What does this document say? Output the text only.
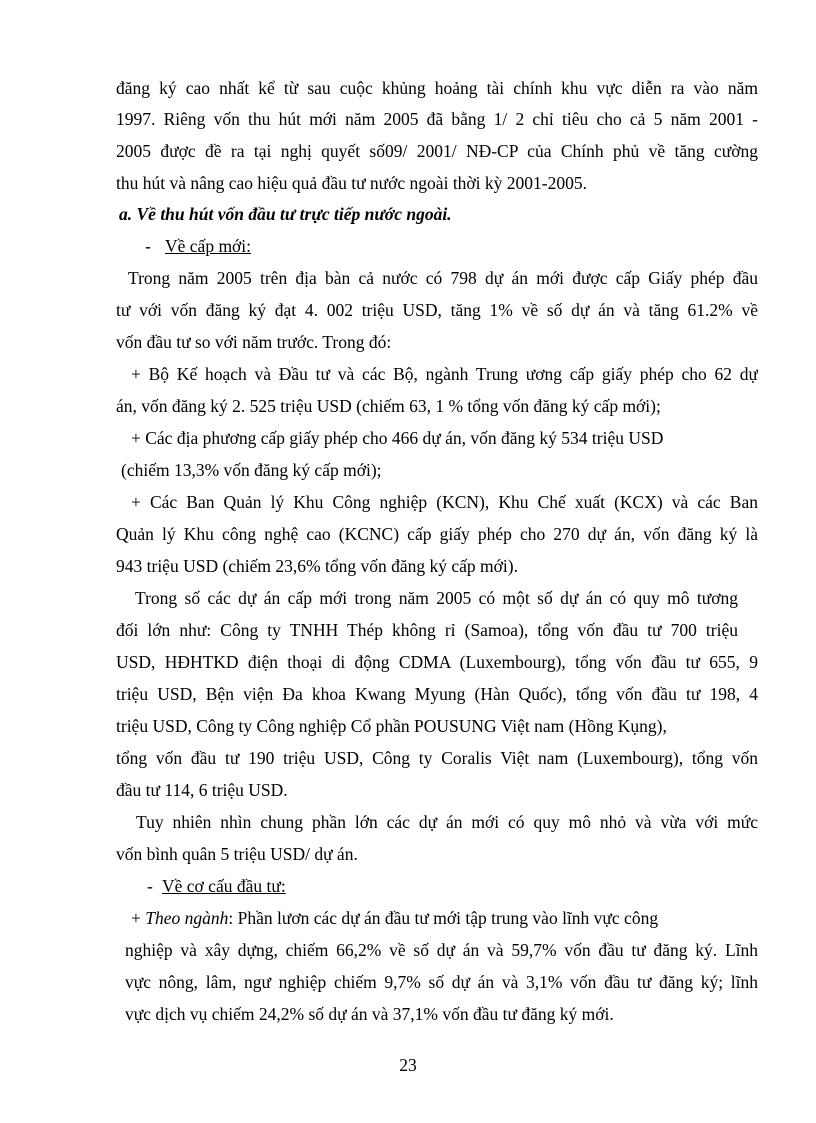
đăng ký cao nhất kể từ sau cuộc khủng hoảng tài chính khu vực diễn ra vào năm
1997. Riêng vốn thu hút mới năm 2005 đã bằng 1/ 2 chỉ tiêu cho cả 5 năm 2001 -
2005 được đề ra tại nghị quyết số09/ 2001/ NĐ-CP của Chính phủ về tăng cường
thu hút và nâng cao hiệu quả đầu tư nước ngoài thời kỳ 2001-2005.
a. Về thu hút vốn đầu tư trực tiếp nước ngoài.
- Về cấp mới:
Trong năm 2005 trên địa bàn cả nước có 798 dự án mới được cấp Giấy phép đầu
tư với vốn đăng ký đạt 4. 002 triệu USD, tăng 1% về số dự án và tăng 61.2% về
vốn đầu tư so với năm trước. Trong đó:
+ Bộ Kế hoạch và Đầu tư và các Bộ, ngành Trung ương cấp giấy phép cho 62 dự
án, vốn đăng ký 2. 525 triệu USD (chiếm 63, 1 % tổng vốn đăng ký cấp mới);
+ Các địa phương cấp giấy phép cho 466 dự án, vốn đăng ký 534 triệu USD
(chiếm 13,3% vốn đăng ký cấp mới);
+ Các Ban Quản lý Khu Công nghiệp (KCN), Khu Chế xuất (KCX) và các Ban
Quản lý Khu công nghệ cao (KCNC) cấp giấy phép cho 270 dự án, vốn đăng ký là
943 triệu USD (chiếm 23,6% tổng vốn đăng ký cấp mới).
Trong số các dự án cấp mới trong năm 2005 có một số dự án có quy mô tương
đối lớn như: Công ty TNHH Thép không rỉ (Samoa), tổng vốn đầu tư 700 triệu
USD, HĐHTKD điện thoại di động CDMA (Luxembourg), tổng vốn đầu tư 655, 9
triệu USD, Bện viện Đa khoa Kwang Myung (Hàn Quốc), tổng vốn đầu tư 198, 4
triệu USD, Công ty Công nghiệp Cổ phần POUSUNG Việt nam (Hồng Kụng),
tổng vốn đầu tư 190 triệu USD, Công ty Coralis Việt nam (Luxembourg), tổng vốn
đầu tư 114, 6 triệu USD.
Tuy nhiên nhìn chung phần lớn các dự án mới có quy mô nhỏ và vừa với mức
vốn bình quân 5 triệu USD/ dự án.
- Về cơ cấu đầu tư:
+ Theo ngành: Phần lươn các dự án đầu tư mới tập trung vào lĩnh vực công
nghiệp và xây dựng, chiếm 66,2% về số dự án và 59,7% vốn đầu tư đăng ký. Lĩnh
vực nông, lâm, ngư nghiệp chiếm 9,7% số dự án và 3,1% vốn đầu tư đăng ký; lĩnh
vực dịch vụ chiếm 24,2% số dự án và 37,1% vốn đầu tư đăng ký mới.
23
